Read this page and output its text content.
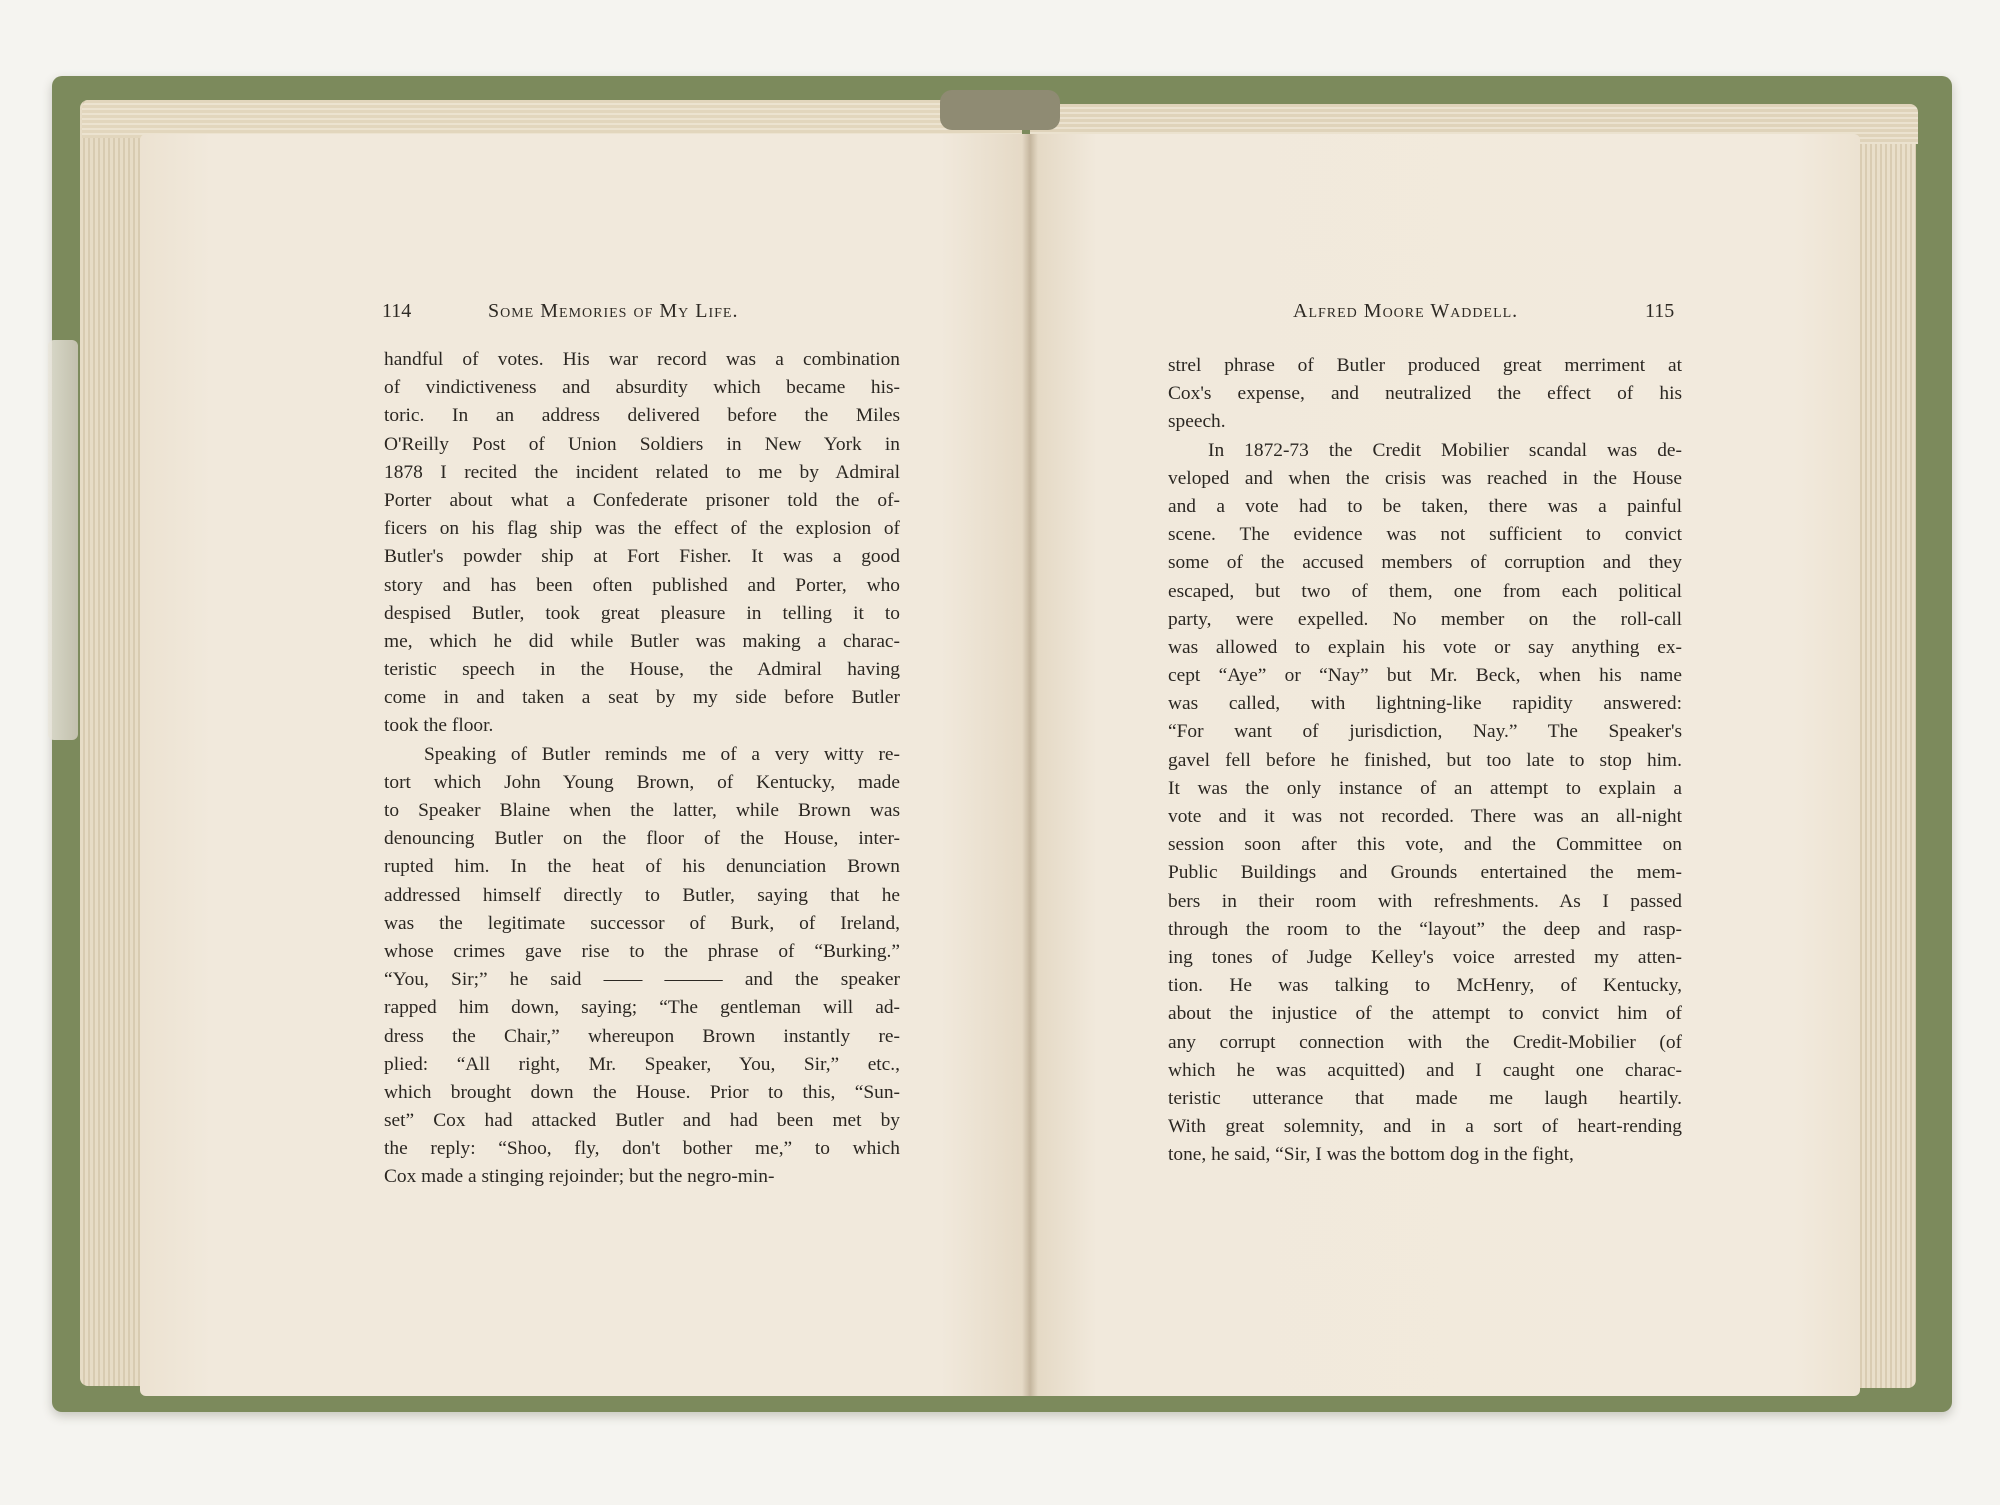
114	Some Memories of My Life.	Alfred Moore Waddell.	115
handful of votes. His war record was a combination
of vindictiveness and absurdity which became his-
toric. In an address delivered before the Miles
O'Reilly Post of Union Soldiers in New York in
1878 I recited the incident related to me by Admiral
Porter about what a Confederate prisoner told the of-
ficers on his flag ship was the effect of the explosion of
Butler's powder ship at Fort Fisher. It was a good
story and has been often published and Porter, who
despised Butler, took great pleasure in telling it to
me, which he did while Butler was making a charac-
teristic speech in the House, the Admiral having
come in and taken a seat by my side before Butler
took the floor.
Speaking of Butler reminds me of a very witty re-
tort which John Young Brown, of Kentucky, made
to Speaker Blaine when the latter, while Brown was
denouncing Butler on the floor of the House, inter-
rupted him. In the heat of his denunciation Brown
addressed himself directly to Butler, saying that he
was the legitimate successor of Burk, of Ireland,
whose crimes gave rise to the phrase of “Burking.”
“You, Sir;” he said —— ——— and the speaker
rapped him down, saying; “The gentleman will ad-
dress the Chair,” whereupon Brown instantly re-
plied: “All right, Mr. Speaker, You, Sir,” etc.,
which brought down the House. Prior to this, “Sun-
set” Cox had attacked Butler and had been met by
the reply: “Shoo, fly, don't bother me,” to which
Cox made a stinging rejoinder; but the negro-min-
strel phrase of Butler produced great merriment at
Cox's expense, and neutralized the effect of his
speech.
In 1872-73 the Credit Mobilier scandal was de-
veloped and when the crisis was reached in the House
and a vote had to be taken, there was a painful
scene. The evidence was not sufficient to convict
some of the accused members of corruption and they
escaped, but two of them, one from each political
party, were expelled. No member on the roll-call
was allowed to explain his vote or say anything ex-
cept “Aye” or “Nay” but Mr. Beck, when his name
was called, with lightning-like rapidity answered:
“For want of jurisdiction, Nay.” The Speaker's
gavel fell before he finished, but too late to stop him.
It was the only instance of an attempt to explain a
vote and it was not recorded. There was an all-night
session soon after this vote, and the Committee on
Public Buildings and Grounds entertained the mem-
bers in their room with refreshments. As I passed
through the room to the “layout” the deep and rasp-
ing tones of Judge Kelley's voice arrested my atten-
tion. He was talking to McHenry, of Kentucky,
about the injustice of the attempt to convict him of
any corrupt connection with the Credit-Mobilier (of
which he was acquitted) and I caught one charac-
teristic utterance that made me laugh heartily.
With great solemnity, and in a sort of heart-rending
tone, he said, “Sir, I was the bottom dog in the fight,
